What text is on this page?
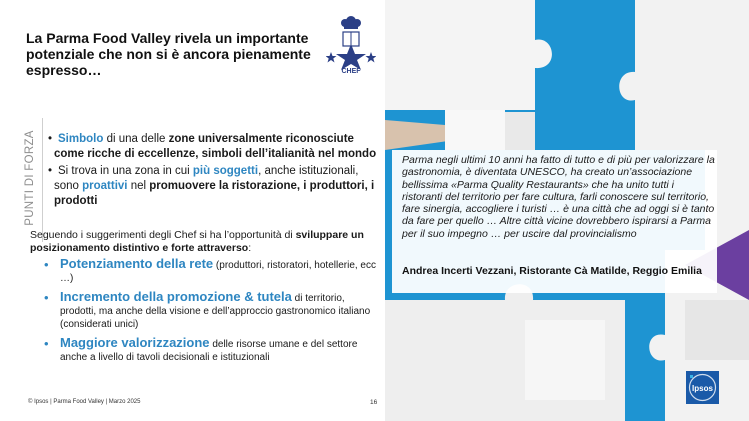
La Parma Food Valley rivela un importante potenziale che non si è ancora pienamente espresso…	CHEF
PUNTI DI FORZA • Simbolo di una delle zone universalmente riconosciute come ricche di eccellenze, simboli dell’italianità nel mondo
• Si trova in una zona in cui più soggetti, anche istituzionali, sono proattivi nel promuovere la ristorazione, i produttori, i prodotti
Seguendo i suggerimenti degli Chef si ha l’opportunità di sviluppare un posizionamento distintivo e forte attraverso:
• Potenziamento della rete (produttori, ristoratori, hotellerie, ecc …)
• Incremento della promozione & tutela di territorio, prodotti, ma anche della visione e dell’approccio gastronomico italiano (considerati unici)
• Maggiore valorizzazione delle risorse umane e del settore anche a livello di tavoli decisionali e istituzionali
© Ipsos | Parma Food Valley | Marzo 2025	16
Parma negli ultimi 10 anni ha fatto di tutto e di più per valorizzare la gastronomia, è diventata UNESCO, ha creato un’associazione bellissima «Parma Quality Restaurants» che ha unito tutti i ristoranti del territorio per fare cultura, farli conoscere sul territorio, fare sinergia, accogliere i turisti … è una città che ad oggi si è tanto da fare per quello … Altre città vicine dovrebbero ispirarsi a Parma per il suo impegno … per uscire dal provincialismo
Andrea Incerti Vezzani, Ristorante Cà Matilde, Reggio Emilia
Ipsos
